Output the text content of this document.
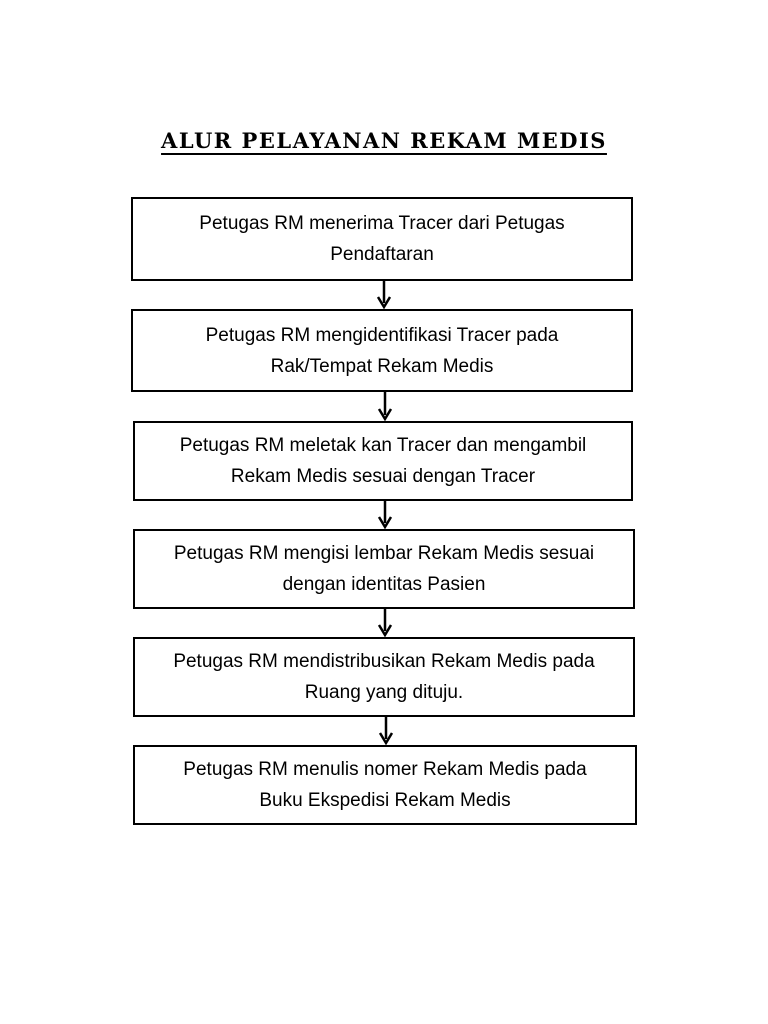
ALUR PELAYANAN REKAM MEDIS
Petugas RM menerima Tracer dari Petugas Pendaftaran
Petugas RM mengidentifikasi Tracer pada Rak/Tempat Rekam Medis
Petugas RM meletak kan Tracer dan mengambil Rekam Medis sesuai dengan Tracer
Petugas RM mengisi lembar Rekam Medis sesuai dengan identitas Pasien
Petugas RM mendistribusikan Rekam Medis pada Ruang yang dituju.
Petugas RM menulis nomer Rekam Medis pada Buku Ekspedisi Rekam Medis
